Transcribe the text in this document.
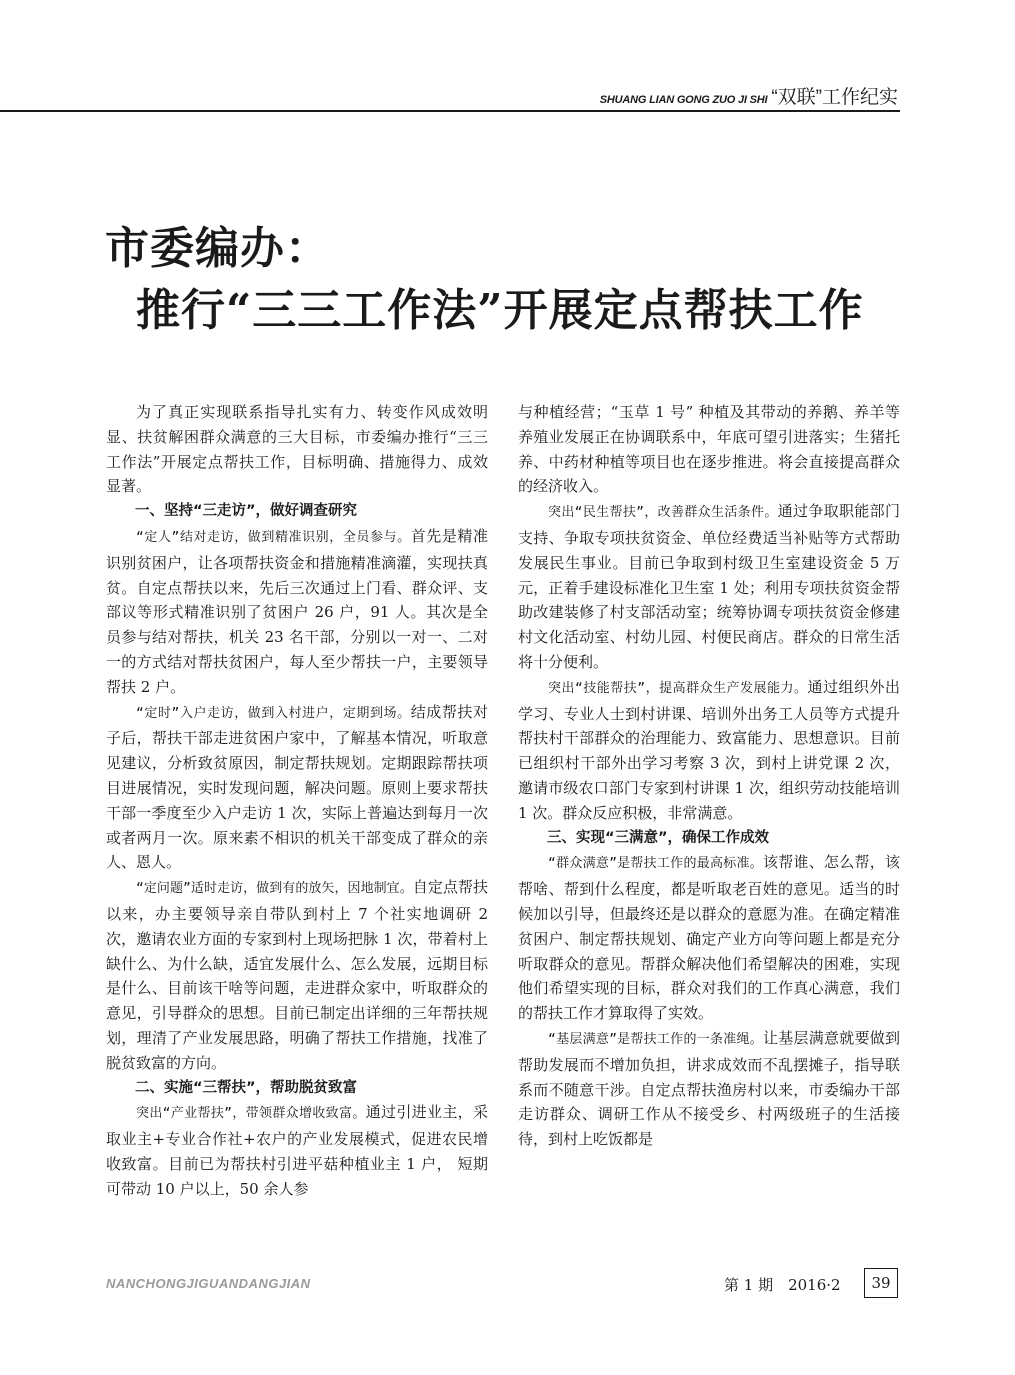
SHUANG LIAN GONG ZUO JI SHI “双联”工作纪实
市委编办：
推行“三三工作法”开展定点帮扶工作

为了真正实现联系指导扎实有力、转变作风成效明显、扶贫解困群众满意的三大目标，市委编办推行“三三工作法”开展定点帮扶工作，目标明确、措施得力、成效显著。

一、坚持“三走访”，做好调查研究

“定人”结对走访，做到精准识别，全员参与。首先是精准识别贫困户，让各项帮扶资金和措施精准滴灌，实现扶真贫。自定点帮扶以来，先后三次通过上门看、群众评、支部议等形式精准识别了贫困户 26 户，91 人。其次是全员参与结对帮扶，机关 23 名干部，分别以一对一、二对一的方式结对帮扶贫困户，每人至少帮扶一户，主要领导帮扶 2 户。

“定时”入户走访，做到入村进户，定期到场。结成帮扶对子后，帮扶干部走进贫困户家中，了解基本情况，听取意见建议，分析致贫原因，制定帮扶规划。定期跟踪帮扶项目进展情况，实时发现问题，解决问题。原则上要求帮扶干部一季度至少入户走访 1 次，实际上普遍达到每月一次或者两月一次。原来素不相识的机关干部变成了群众的亲人、恩人。

“定问题”适时走访，做到有的放矢，因地制宜。自定点帮扶以来，办主要领导亲自带队到村上 7 个社实地调研 2 次，邀请农业方面的专家到村上现场把脉 1 次，带着村上缺什么、为什么缺，适宜发展什么、怎么发展，远期目标是什么、目前该干啥等问题，走进群众家中，听取群众的意见，引导群众的思想。目前已制定出详细的三年帮扶规划，理清了产业发展思路，明确了帮扶工作措施，找准了脱贫致富的方向。

二、实施“三帮扶”，帮助脱贫致富

突出“产业帮扶”，带领群众增收致富。通过引进业主，采取业主+专业合作社+农户的产业发展模式，促进农民增收致富。目前已为帮扶村引进平菇种植业主 1 户， 短期可带动 10 户以上，50 余人参

与种植经营；“玉草 1 号” 种植及其带动的养鹅、养羊等养殖业发展正在协调联系中，年底可望引进落实；生猪托养、中药材种植等项目也在逐步推进。将会直接提高群众的经济收入。

突出“民生帮扶”，改善群众生活条件。通过争取职能部门支持、争取专项扶贫资金、单位经费适当补贴等方式帮助发展民生事业。目前已争取到村级卫生室建设资金 5 万元，正着手建设标准化卫生室 1 处；利用专项扶贫资金帮助改建装修了村支部活动室；统筹协调专项扶贫资金修建村文化活动室、村幼儿园、村便民商店。群众的日常生活将十分便利。

突出“技能帮扶”，提高群众生产发展能力。通过组织外出学习、专业人士到村讲课、培训外出务工人员等方式提升帮扶村干部群众的治理能力、致富能力、思想意识。目前已组织村干部外出学习考察 3 次，到村上讲党课 2 次，邀请市级农口部门专家到村讲课 1 次，组织劳动技能培训 1 次。群众反应积极，非常满意。

三、实现“三满意”，确保工作成效

“群众满意”是帮扶工作的最高标准。该帮谁、怎么帮，该帮啥、帮到什么程度，都是听取老百姓的意见。适当的时候加以引导，但最终还是以群众的意愿为准。在确定精准贫困户、制定帮扶规划、确定产业方向等问题上都是充分听取群众的意见。帮群众解决他们希望解决的困难，实现他们希望实现的目标，群众对我们的工作真心满意，我们的帮扶工作才算取得了实效。

“基层满意”是帮扶工作的一条准绳。让基层满意就要做到帮助发展而不增加负担，讲求成效而不乱摆摊子，指导联系而不随意干涉。自定点帮扶渔房村以来，市委编办干部走访群众、调研工作从不接受乡、村两级班子的生活接待，到村上吃饭都是

NANCHONGJIGUANDANGJIAN	第 1 期　2016·2	39
